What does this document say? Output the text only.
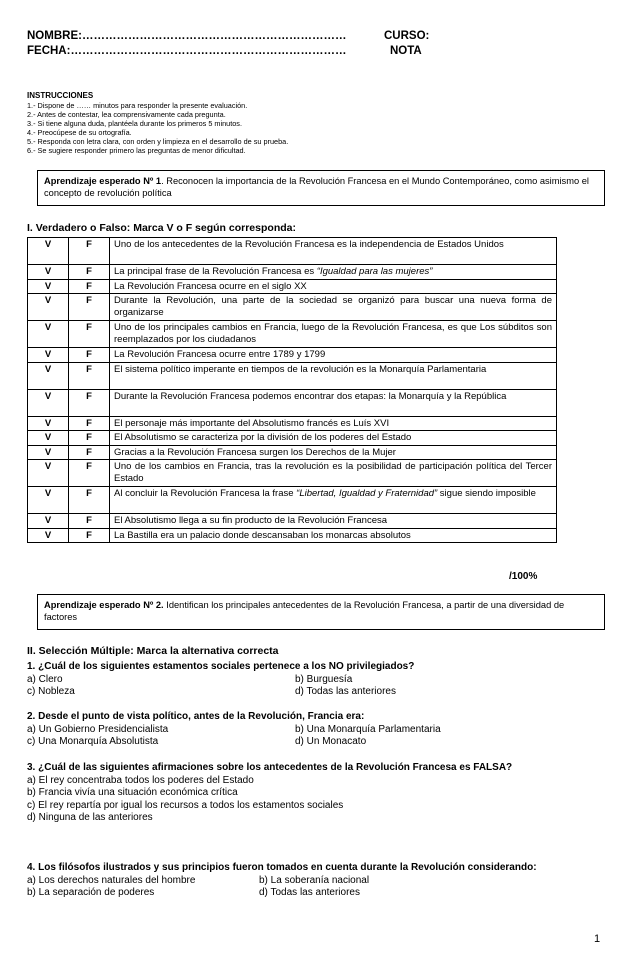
NOMBRE:……………………………………………………………	CURSO:
FECHA:………………………………………………………………	NOTA
INSTRUCCIONES
1.- Dispone de …… minutos para responder la presente evaluación.
2.- Antes de contestar, lea comprensivamente cada pregunta.
3.- Si tiene alguna duda, plantéela durante los primeros 5 minutos.
4.- Preocúpese de su ortografía.
5.- Responda con letra clara, con orden y limpieza en el desarrollo de su prueba.
6.- Se sugiere responder primero las preguntas de menor dificultad.
Aprendizaje esperado Nº 1. Reconocen la importancia de la Revolución Francesa en el Mundo Contemporáneo, como asimismo el concepto de revolución política
I. Verdadero o Falso: Marca V o F según corresponda:
V	F	Uno de los antecedentes de la Revolución Francesa es la independencia de Estados Unidos
V	F	La principal frase de la Revolución Francesa es “Igualdad para las mujeres”
V	F	La Revolución Francesa ocurre en el siglo XX
V	F	Durante la Revolución, una parte de la sociedad se organizó para buscar una nueva forma de organizarse
V	F	Uno de los principales cambios en Francia, luego de la Revolución Francesa, es que Los súbditos son reemplazados por los ciudadanos
V	F	La Revolución Francesa ocurre entre 1789 y 1799
V	F	El sistema político imperante en tiempos de la revolución es la Monarquía Parlamentaria
V	F	Durante la Revolución Francesa podemos encontrar dos etapas: la Monarquía y la República
V	F	El personaje más importante del Absolutismo francés es Luís XVI
V	F	El Absolutismo se caracteriza por la división de los poderes del Estado
V	F	Gracias a la Revolución Francesa surgen los Derechos de la Mujer
V	F	Uno de los cambios en Francia, tras la revolución es la posibilidad de participación política del Tercer Estado
V	F	Al concluir la Revolución Francesa la frase “Libertad, Igualdad y Fraternidad” sigue siendo imposible
V	F	El Absolutismo llega a su fin producto de la Revolución Francesa
V	F	La Bastilla era un palacio donde descansaban los monarcas absolutos
/100%
Aprendizaje esperado Nº 2. Identifican los principales antecedentes de la Revolución Francesa, a partir de una diversidad de factores
II. Selección Múltiple: Marca la alternativa correcta
1. ¿Cuál de los siguientes estamentos sociales pertenece a los NO privilegiados?
a) Clero	b) Burguesía
c) Nobleza	d) Todas las anteriores
2. Desde el punto de vista político, antes de la Revolución, Francia era:
a) Un Gobierno Presidencialista	b) Una Monarquía Parlamentaria
c) Una Monarquía Absolutista	d) Un Monacato
3. ¿Cuál de las siguientes afirmaciones sobre los antecedentes de la Revolución Francesa es FALSA?
a) El rey concentraba todos los poderes del Estado
b) Francia vivía una situación económica crítica
c) El rey repartía por igual los recursos a todos los estamentos sociales
d) Ninguna de las anteriores
4. Los filósofos ilustrados y sus principios fueron tomados en cuenta durante la Revolución considerando:
a) Los derechos naturales del hombre	b) La soberanía nacional
b) La separación de poderes	d) Todas las anteriores
1
